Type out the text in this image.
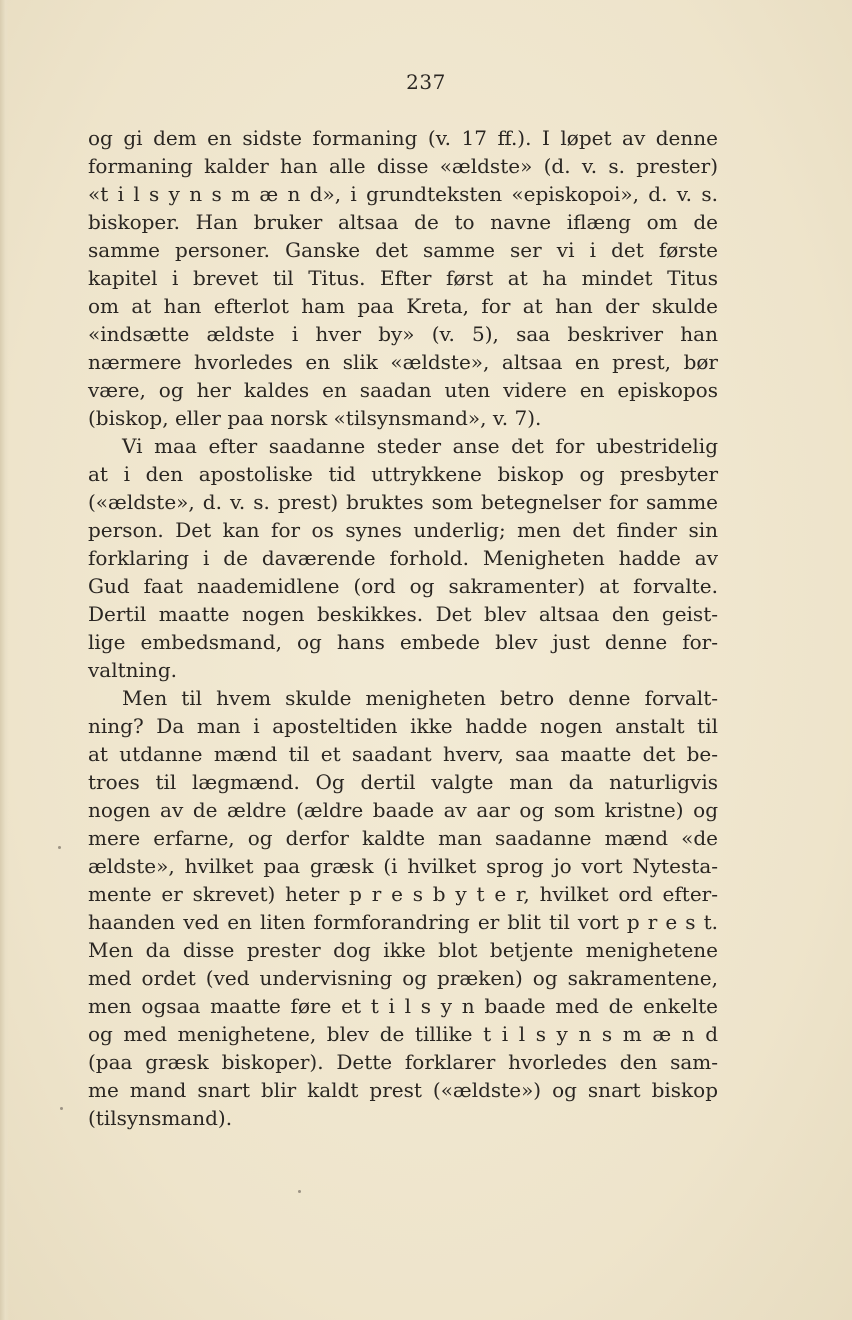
237
og gi dem en sidste formaning (v. 17 ff.). I løpet av denne
formaning kalder han alle disse «ældste» (d. v. s. prester)
«t i l s y n s m æ n d», i grundteksten «episkopoi», d. v. s.
biskoper. Han bruker altsaa de to navne iflæng om de
samme personer. Ganske det samme ser vi i det første
kapitel i brevet til Titus. Efter først at ha mindet Titus
om at han efterlot ham paa Kreta, for at han der skulde
«indsætte ældste i hver by» (v. 5), saa beskriver han
nærmere hvorledes en slik «ældste», altsaa en prest, bør
være, og her kaldes en saadan uten videre en episkopos
(biskop, eller paa norsk «tilsynsmand», v. 7).
Vi maa efter saadanne steder anse det for ubestridelig
at i den apostoliske tid uttrykkene biskop og presbyter
(«ældste», d. v. s. prest) bruktes som betegnelser for samme
person. Det kan for os synes underlig; men det finder sin
forklaring i de daværende forhold. Menigheten hadde av
Gud faat naademidlene (ord og sakramenter) at forvalte.
Dertil maatte nogen beskikkes. Det blev altsaa den geist-
lige embedsmand, og hans embede blev just denne for-
valtning.
Men til hvem skulde menigheten betro denne forvalt-
ning? Da man i aposteltiden ikke hadde nogen anstalt til
at utdanne mænd til et saadant hverv, saa maatte det be-
troes til lægmænd. Og dertil valgte man da naturligvis
nogen av de ældre (ældre baade av aar og som kristne) og
mere erfarne, og derfor kaldte man saadanne mænd «de
ældste», hvilket paa græsk (i hvilket sprog jo vort Nytesta-
mente er skrevet) heter p r e s b y t e r, hvilket ord efter-
haanden ved en liten formforandring er blit til vort p r e s t.
Men da disse prester dog ikke blot betjente menighetene
med ordet (ved undervisning og præken) og sakramentene,
men ogsaa maatte føre et t i l s y n baade med de enkelte
og med menighetene, blev de tillike t i l s y n s m æ n d
(paa græsk biskoper). Dette forklarer hvorledes den sam-
me mand snart blir kaldt prest («ældste») og snart biskop
(tilsynsmand).
